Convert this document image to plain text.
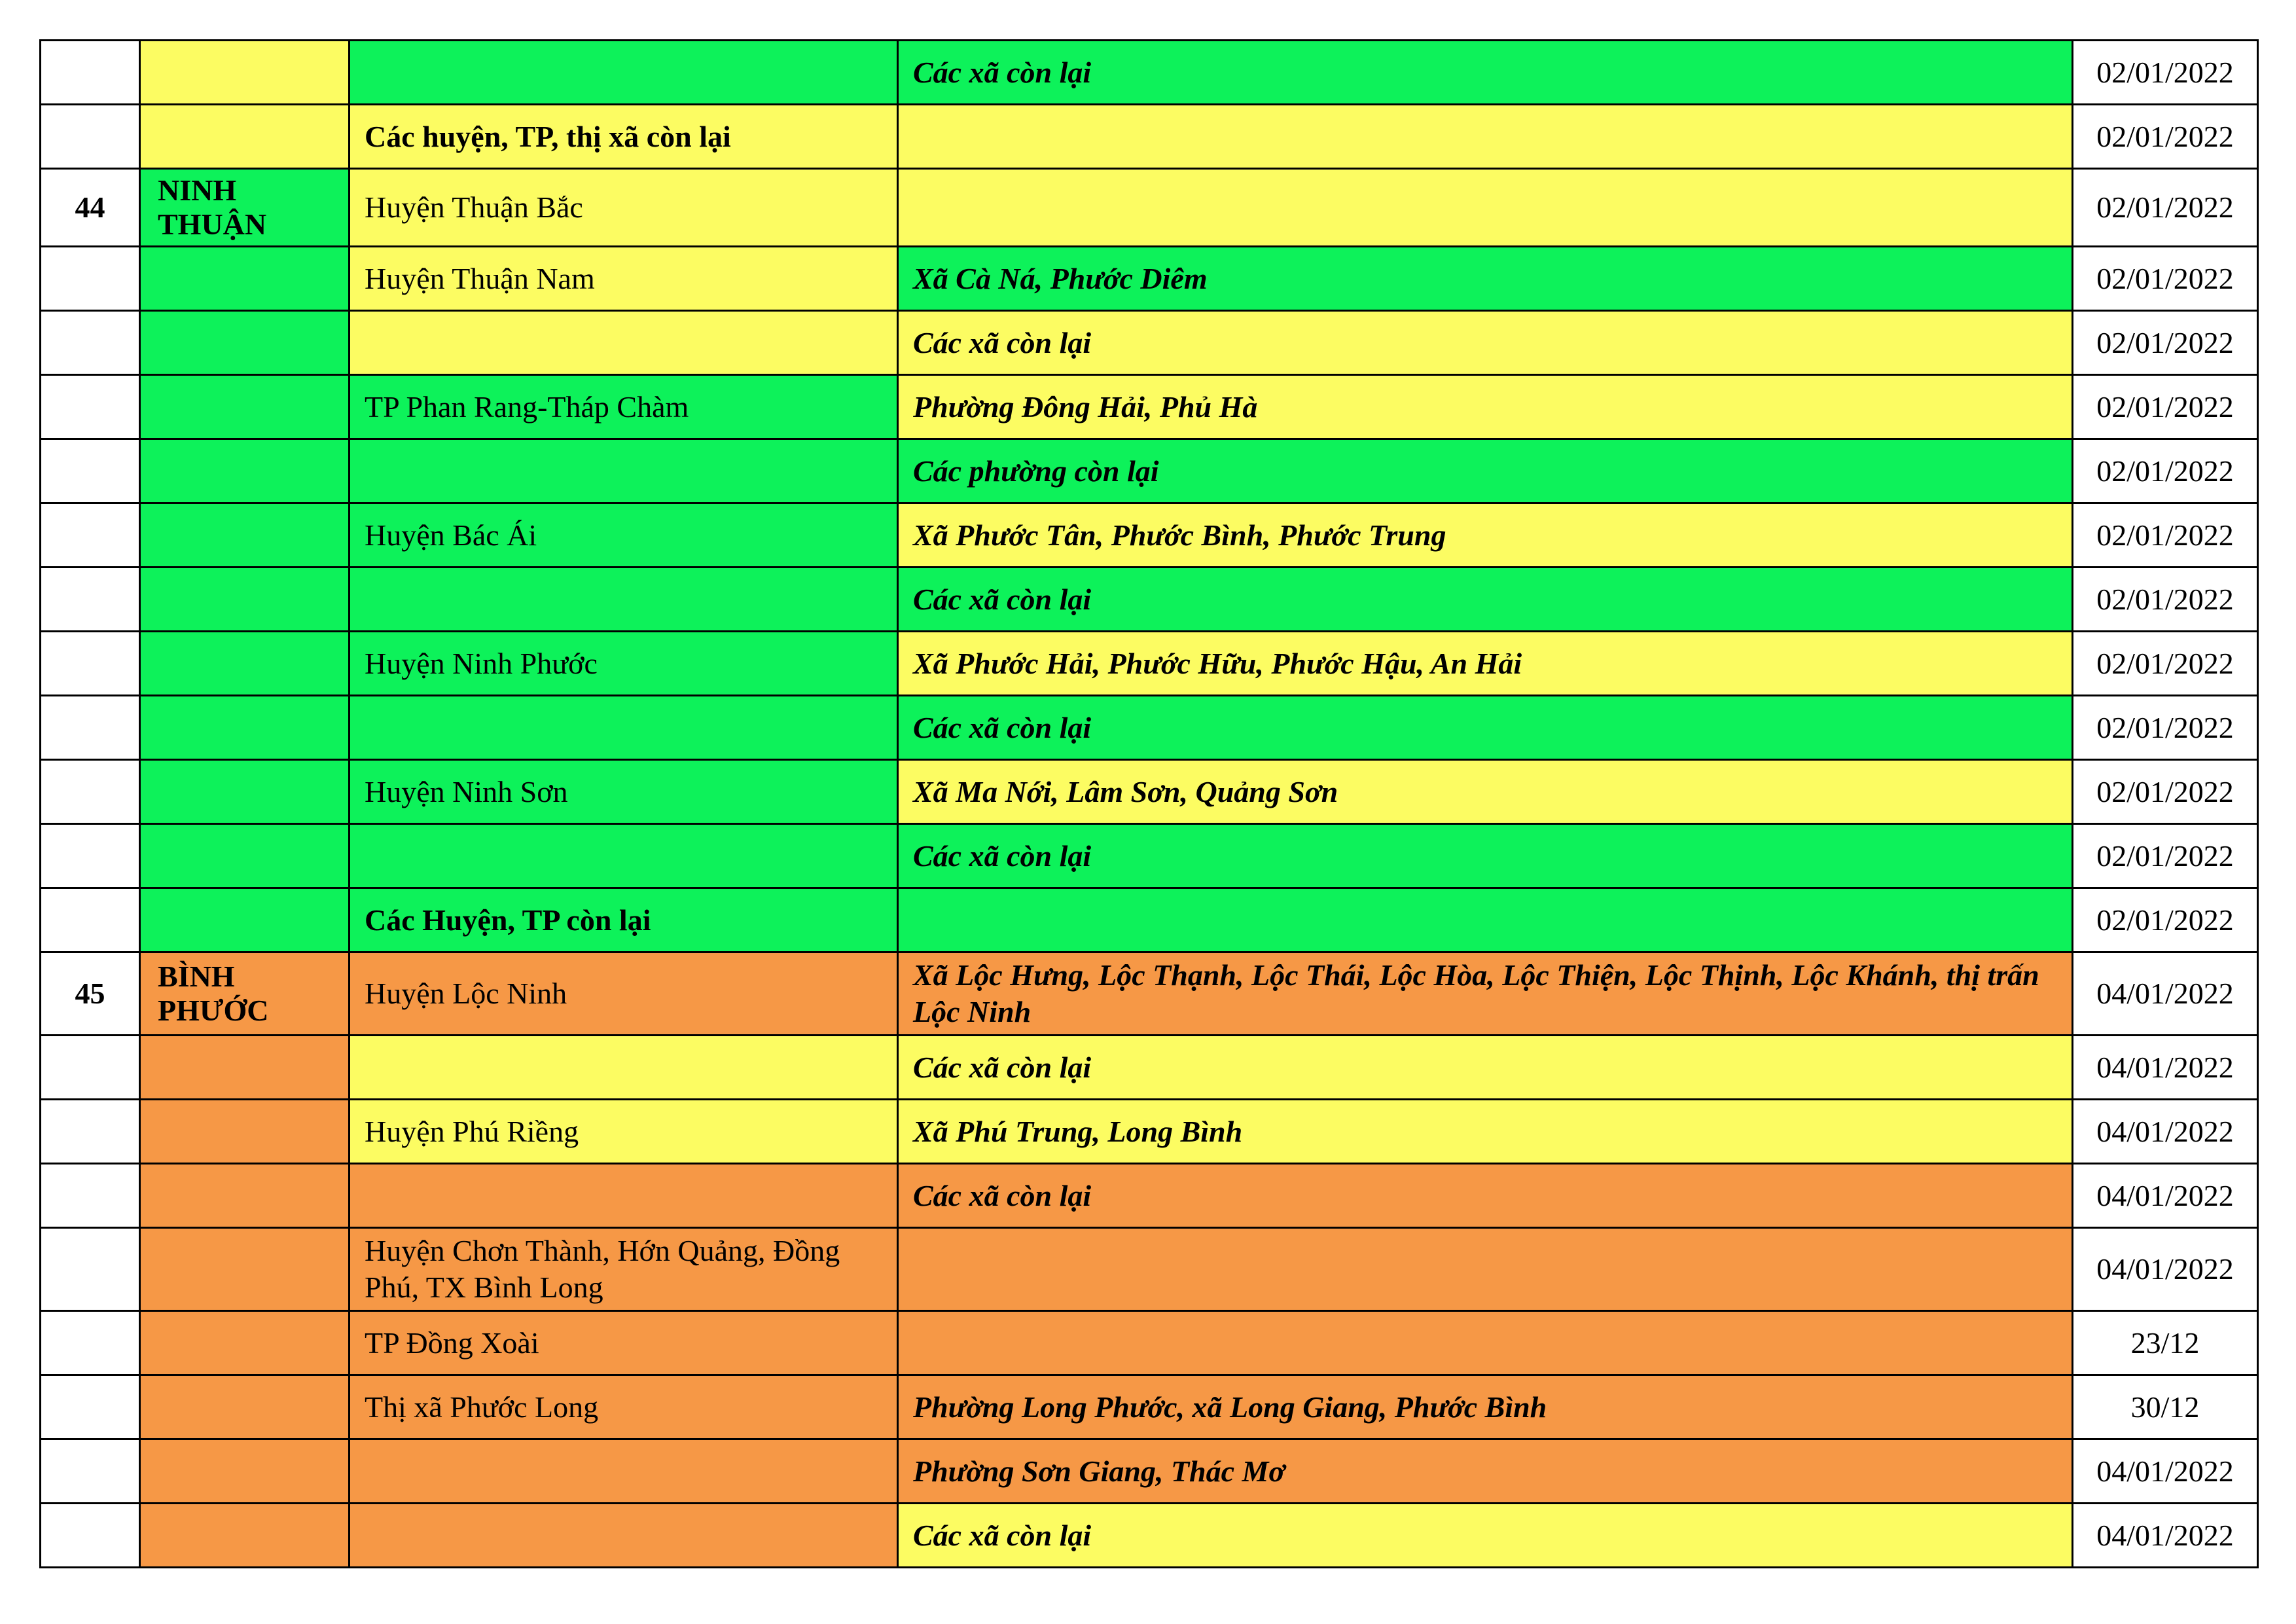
			Các xã còn lại	02/01/2022
		Các huyện, TP, thị xã còn lại		02/01/2022
44	NINH THUẬN	Huyện Thuận Bắc		02/01/2022
		Huyện Thuận Nam	Xã Cà Ná, Phước Diêm	02/01/2022
			Các xã còn lại	02/01/2022
		TP Phan Rang-Tháp Chàm	Phường Đông Hải, Phủ Hà	02/01/2022
			Các phường còn lại	02/01/2022
		Huyện Bác Ái	Xã Phước Tân, Phước Bình, Phước Trung	02/01/2022
			Các xã còn lại	02/01/2022
		Huyện Ninh Phước	Xã Phước Hải, Phước Hữu, Phước Hậu, An Hải	02/01/2022
			Các xã còn lại	02/01/2022
		Huyện Ninh Sơn	Xã Ma Nới, Lâm Sơn, Quảng Sơn	02/01/2022
			Các xã còn lại	02/01/2022
		Các Huyện, TP còn lại		02/01/2022
45	BÌNH PHƯỚC	Huyện Lộc Ninh	Xã Lộc Hưng, Lộc Thạnh, Lộc Thái, Lộc Hòa, Lộc Thiện, Lộc Thịnh, Lộc Khánh, thị trấn Lộc Ninh	04/01/2022
			Các xã còn lại	04/01/2022
		Huyện Phú Riềng	Xã Phú Trung, Long Bình	04/01/2022
			Các xã còn lại	04/01/2022
		Huyện Chơn Thành, Hớn Quảng, Đồng Phú, TX Bình Long		04/01/2022
		TP Đồng Xoài		23/12
		Thị xã Phước Long	Phường Long Phước, xã Long Giang, Phước Bình	30/12
			Phường Sơn Giang, Thác Mơ	04/01/2022
			Các xã còn lại	04/01/2022
